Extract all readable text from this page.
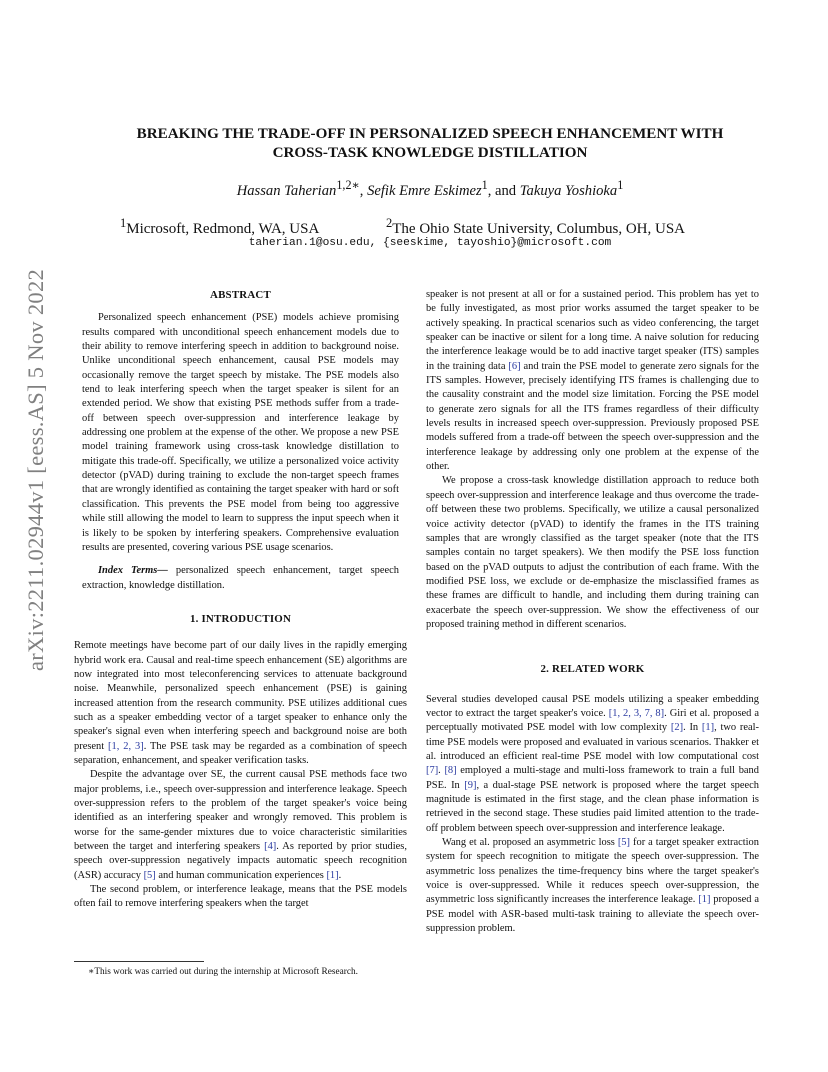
arXiv:2211.02944v1 [eess.AS] 5 Nov 2022
BREAKING THE TRADE-OFF IN PERSONALIZED SPEECH ENHANCEMENT WITH
CROSS-TASK KNOWLEDGE DISTILLATION
Hassan Taherian$^{1,2∗}$, Sefik Emre Eskimez$^1$, and Takuya Yoshioka$^1$
$^1$Microsoft, Redmond, WA, USA	$^2$The Ohio State University, Columbus, OH, USA
taherian.1@osu.edu, {seeskime, tayoshio}@microsoft.com
ABSTRACT

Personalized speech enhancement (PSE) models achieve promising results compared with unconditional speech enhancement models due to their ability to remove interfering speech in addition to background noise. Unlike unconditional speech enhancement, causal PSE models may occasionally remove the target speech by mistake. The PSE models also tend to leak interfering speech when the target speaker is silent for an extended period. We show that existing PSE methods suffer from a trade-off between speech over-suppression and interference leakage by addressing one problem at the expense of the other. We propose a new PSE model training framework using cross-task knowledge distillation to mitigate this trade-off. Specifically, we utilize a personalized voice activity detector (pVAD) during training to exclude the non-target speech frames that are wrongly identified as containing the target speaker with hard or soft classification. This prevents the PSE model from being too aggressive while still allowing the model to learn to suppress the input speech when it is likely to be spoken by interfering speakers. Comprehensive evaluation results are presented, covering various PSE usage scenarios.

Index Terms— personalized speech enhancement, target speech extraction, knowledge distillation.

1. INTRODUCTION

Remote meetings have become part of our daily lives in the rapidly emerging hybrid work era. Causal and real-time speech enhancement (SE) algorithms are now integrated into most teleconferencing services to attenuate background noise. Meanwhile, personalized speech enhancement (PSE) is gaining increased attention from the research community. PSE utilizes additional cues such as a speaker embedding vector of a target speaker to enhance only the speaker's signal even when interfering speech and background noise are both present [1, 2, 3]. The PSE task may be regarded as a combination of speech separation, enhancement, and speaker verification tasks.

Despite the advantage over SE, the current causal PSE methods face two major problems, i.e., speech over-suppression and interference leakage. Speech over-suppression refers to the problem of the target speaker's voice being identified as an interfering speaker and wrongly removed. This problem is worse for the same-gender mixtures due to voice characteristic similarities between the target and interfering speakers [4]. As reported by prior studies, speech over-suppression negatively impacts automatic speech recognition (ASR) accuracy [5] and human communication experiences [1].

The second problem, or interference leakage, means that the PSE models often fail to remove interfering speakers when the target

speaker is not present at all or for a sustained period. This problem has yet to be fully investigated, as most prior works assumed the target speaker to be actively speaking. In practical scenarios such as video conferencing, the target speaker can be inactive or silent for a long time. A naive solution for reducing the interference leakage would be to add inactive target speaker (ITS) samples in the training data [6] and train the PSE model to generate zero signals for the ITS samples. However, precisely identifying ITS frames is challenging due to the causality constraint and the model size limitation. Forcing the PSE model to generate zero signals for all the ITS frames regardless of their difficulty levels results in increased speech over-suppression. Previously proposed PSE models suffered from a trade-off between the speech over-suppression and the interference leakage by addressing only one problem at the expense of the other.

We propose a cross-task knowledge distillation approach to reduce both speech over-suppression and interference leakage and thus overcome the trade-off between these two problems. Specifically, we utilize a causal personalized voice activity detector (pVAD) to identify the frames in the ITS training samples that are wrongly classified as the target speaker (note that the ITS samples contain no target speakers). We then modify the PSE loss function based on the pVAD outputs to adjust the contribution of each frame. With the modified PSE loss, we exclude or de-emphasize the misclassified frames as these frames are difficult to handle, and including them during training can exacerbate the speech over-suppression. We show the effectiveness of our proposed training method in different scenarios.

2. RELATED WORK

Several studies developed causal PSE models utilizing a speaker embedding vector to extract the target speaker's voice. [1, 2, 3, 7, 8]. Giri et al. proposed a perceptually motivated PSE model with low complexity [2]. In [1], two real-time PSE models were proposed and evaluated in various scenarios. Thakker et al. introduced an efficient real-time PSE model with low computational cost [7]. [8] employed a multi-stage and multi-loss framework to train a full band PSE. In [9], a dual-stage PSE network is proposed where the target speech magnitude is estimated in the first stage, and the clean phase information is retrieved in the second stage. These studies paid limited attention to the trade-off problem between speech over-suppression and interference leakage.

Wang et al. proposed an asymmetric loss [5] for a target speaker extraction system for speech recognition to mitigate the speech over-suppression. The asymmetric loss penalizes the time-frequency bins where the target speaker's voice is over-suppressed. While it reduces speech over-suppression, the asymmetric loss significantly increases the interference leakage. [1] proposed a PSE model with ASR-based multi-task training to alleviate the speech over-suppression problem.

∗This work was carried out during the internship at Microsoft Research.
